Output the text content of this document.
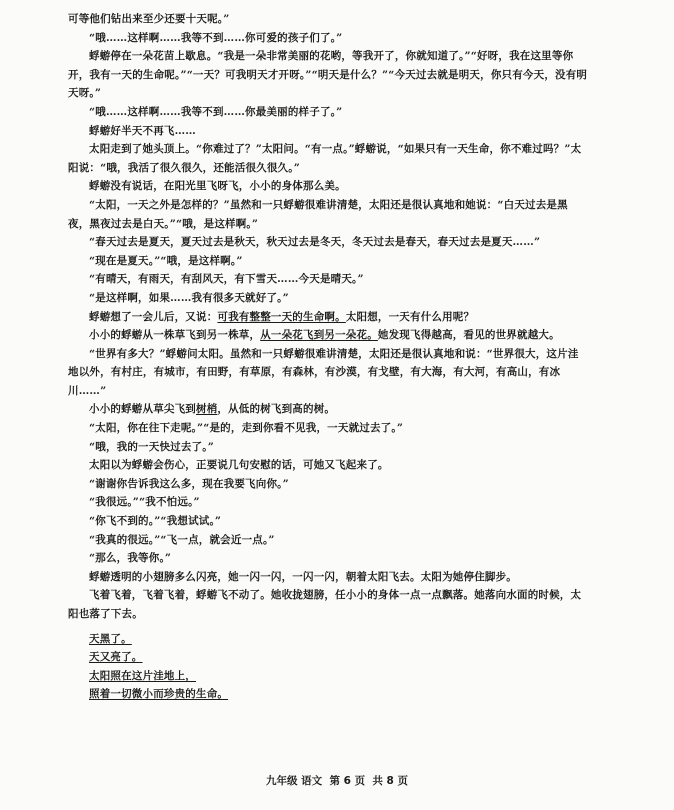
可等他们钻出来至少还要十天呢。”

“哦……这样啊……我等不到……你可爱的孩子们了。”

蜉蝣停在一朵花苗上歇息。“我是一朵非常美丽的花哟，等我开了，你就知道了。”“好呀，我在这里等你开，我有一天的生命呢。”“一天？可我明天才开呀。”“明天是什么？”“今天过去就是明天，你只有今天，没有明天呀。”

“哦……这样啊……我等不到……你最美丽的样子了。”

蜉蝣好半天不再飞……

太阳走到了她头顶上。“你难过了？”太阳问。“有一点。”蜉蝣说，“如果只有一天生命，你不难过吗？”太阳说：“哦，我活了很久很久，还能活很久很久。”

蜉蝣没有说话，在阳光里飞呀飞，小小的身体那么美。

“太阳，一天之外是怎样的？”虽然和一只蜉蝣很难讲清楚，太阳还是很认真地和她说：“白天过去是黑夜，黑夜过去是白天。”“哦，是这样啊。”

“春天过去是夏天，夏天过去是秋天，秋天过去是冬天，冬天过去是春天，春天过去是夏天……”

“现在是夏天。”“哦，是这样啊。”

“有晴天，有雨天，有刮风天，有下雪天……今天是晴天。”

“是这样啊，如果……我有很多天就好了。”

蜉蝣想了一会儿后，又说：可我有整整一天的生命啊。太阳想，一天有什么用呢？

小小的蜉蝣从一株草飞到另一株草，从一朵花飞到另一朵花。她发现飞得越高，看见的世界就越大。

“世界有多大？”蜉蝣问太阳。虽然和一只蜉蝣很难讲清楚，太阳还是很认真地和说：“世界很大，这片洼地以外，有村庄，有城市，有田野，有草原，有森林，有沙漠，有戈壁，有大海，有大河，有高山，有冰川……”

小小的蜉蝣从草尖飞到树梢，从低的树飞到高的树。

“太阳，你在往下走呢。”“是的，走到你看不见我，一天就过去了。”

“哦，我的一天快过去了。”

太阳以为蜉蝣会伤心，正要说几句安慰的话，可她又飞起来了。

“谢谢你告诉我这么多，现在我要飞向你。”

“我很远。”“我不怕远。”

“你飞不到的。”“我想试试。”

“我真的很远。”“飞一点，就会近一点。”

“那么，我等你。”

蜉蝣透明的小翅膀多么闪亮，她一闪一闪，一闪一闪，朝着太阳飞去。太阳为她停住脚步。

飞着飞着，飞着飞着，蜉蝣飞不动了。她收拢翅膀，任小小的身体一点一点飘落。她落向水面的时候，太阳也落了下去。

天黑了。

天又亮了。

太阳照在这片洼地上，

照着一切微小而珍贵的生命。

九年级 语文 第 6 页 共 8 页
